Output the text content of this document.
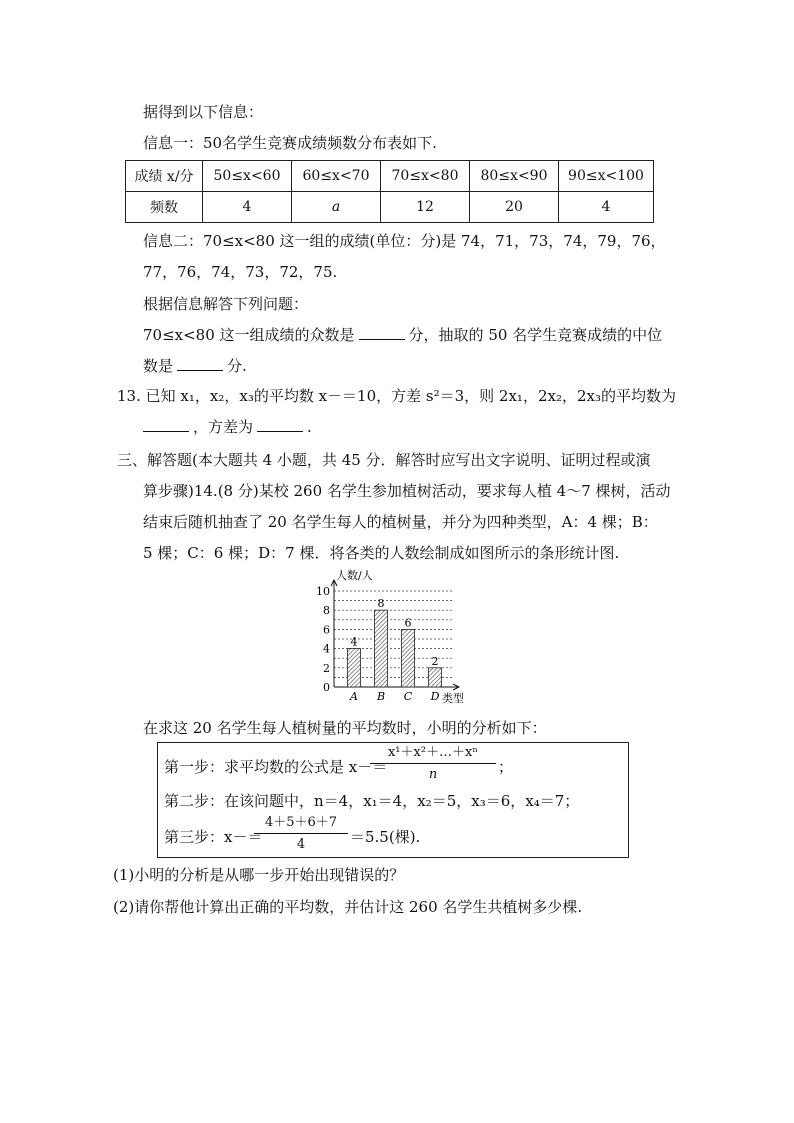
据得到以下信息：
信息一：50名学生竞赛成绩频数分布表如下.
成绩 x/分	50≤x<60	60≤x<70	70≤x<80	80≤x<90	90≤x<100
频数	4	a	12	20	4
信息二：70≤x<80 这一组的成绩(单位：分)是 74，71，73，74，79，76，
77，76，74，73，72，75.
根据信息解答下列问题：
70≤x<80 这一组成绩的众数是	分，抽取的 50 名学生竞赛成绩的中位
数是	分.
13. 已知 x₁，x₂，x₃的平均数 x－＝10，方差 s²＝3，则 2x₁，2x₂，2x₃的平均数为
，方差为	.
三、解答题(本大题共 4 小题，共 45 分．解答时应写出文字说明、证明过程或演
算步骤)14.(8 分)某校 260 名学生参加植树活动，要求每人植 4～7 棵树，活动
结束后随机抽查了 20 名学生每人的植树量，并分为四种类型，A：4 棵；B：
5 棵；C：6 棵；D：7 棵．将各类的人数绘制成如图所示的条形统计图.
0
2
4
6
8
10
人数/人
类型
4
A
8
B
6
C
2
D
在求这 20 名学生每人植树量的平均数时，小明的分析如下：
第一步：求平均数的公式是 x－＝
x¹＋x²＋…＋xⁿ
n	；
第二步：在该问题中，n＝4，x₁＝4，x₂＝5，x₃＝6，x₄＝7；
第三步：x－＝
4＋5＋6＋7
4	＝5.5(棵).
(1)小明的分析是从哪一步开始出现错误的？
(2)请你帮他计算出正确的平均数，并估计这 260 名学生共植树多少棵.
